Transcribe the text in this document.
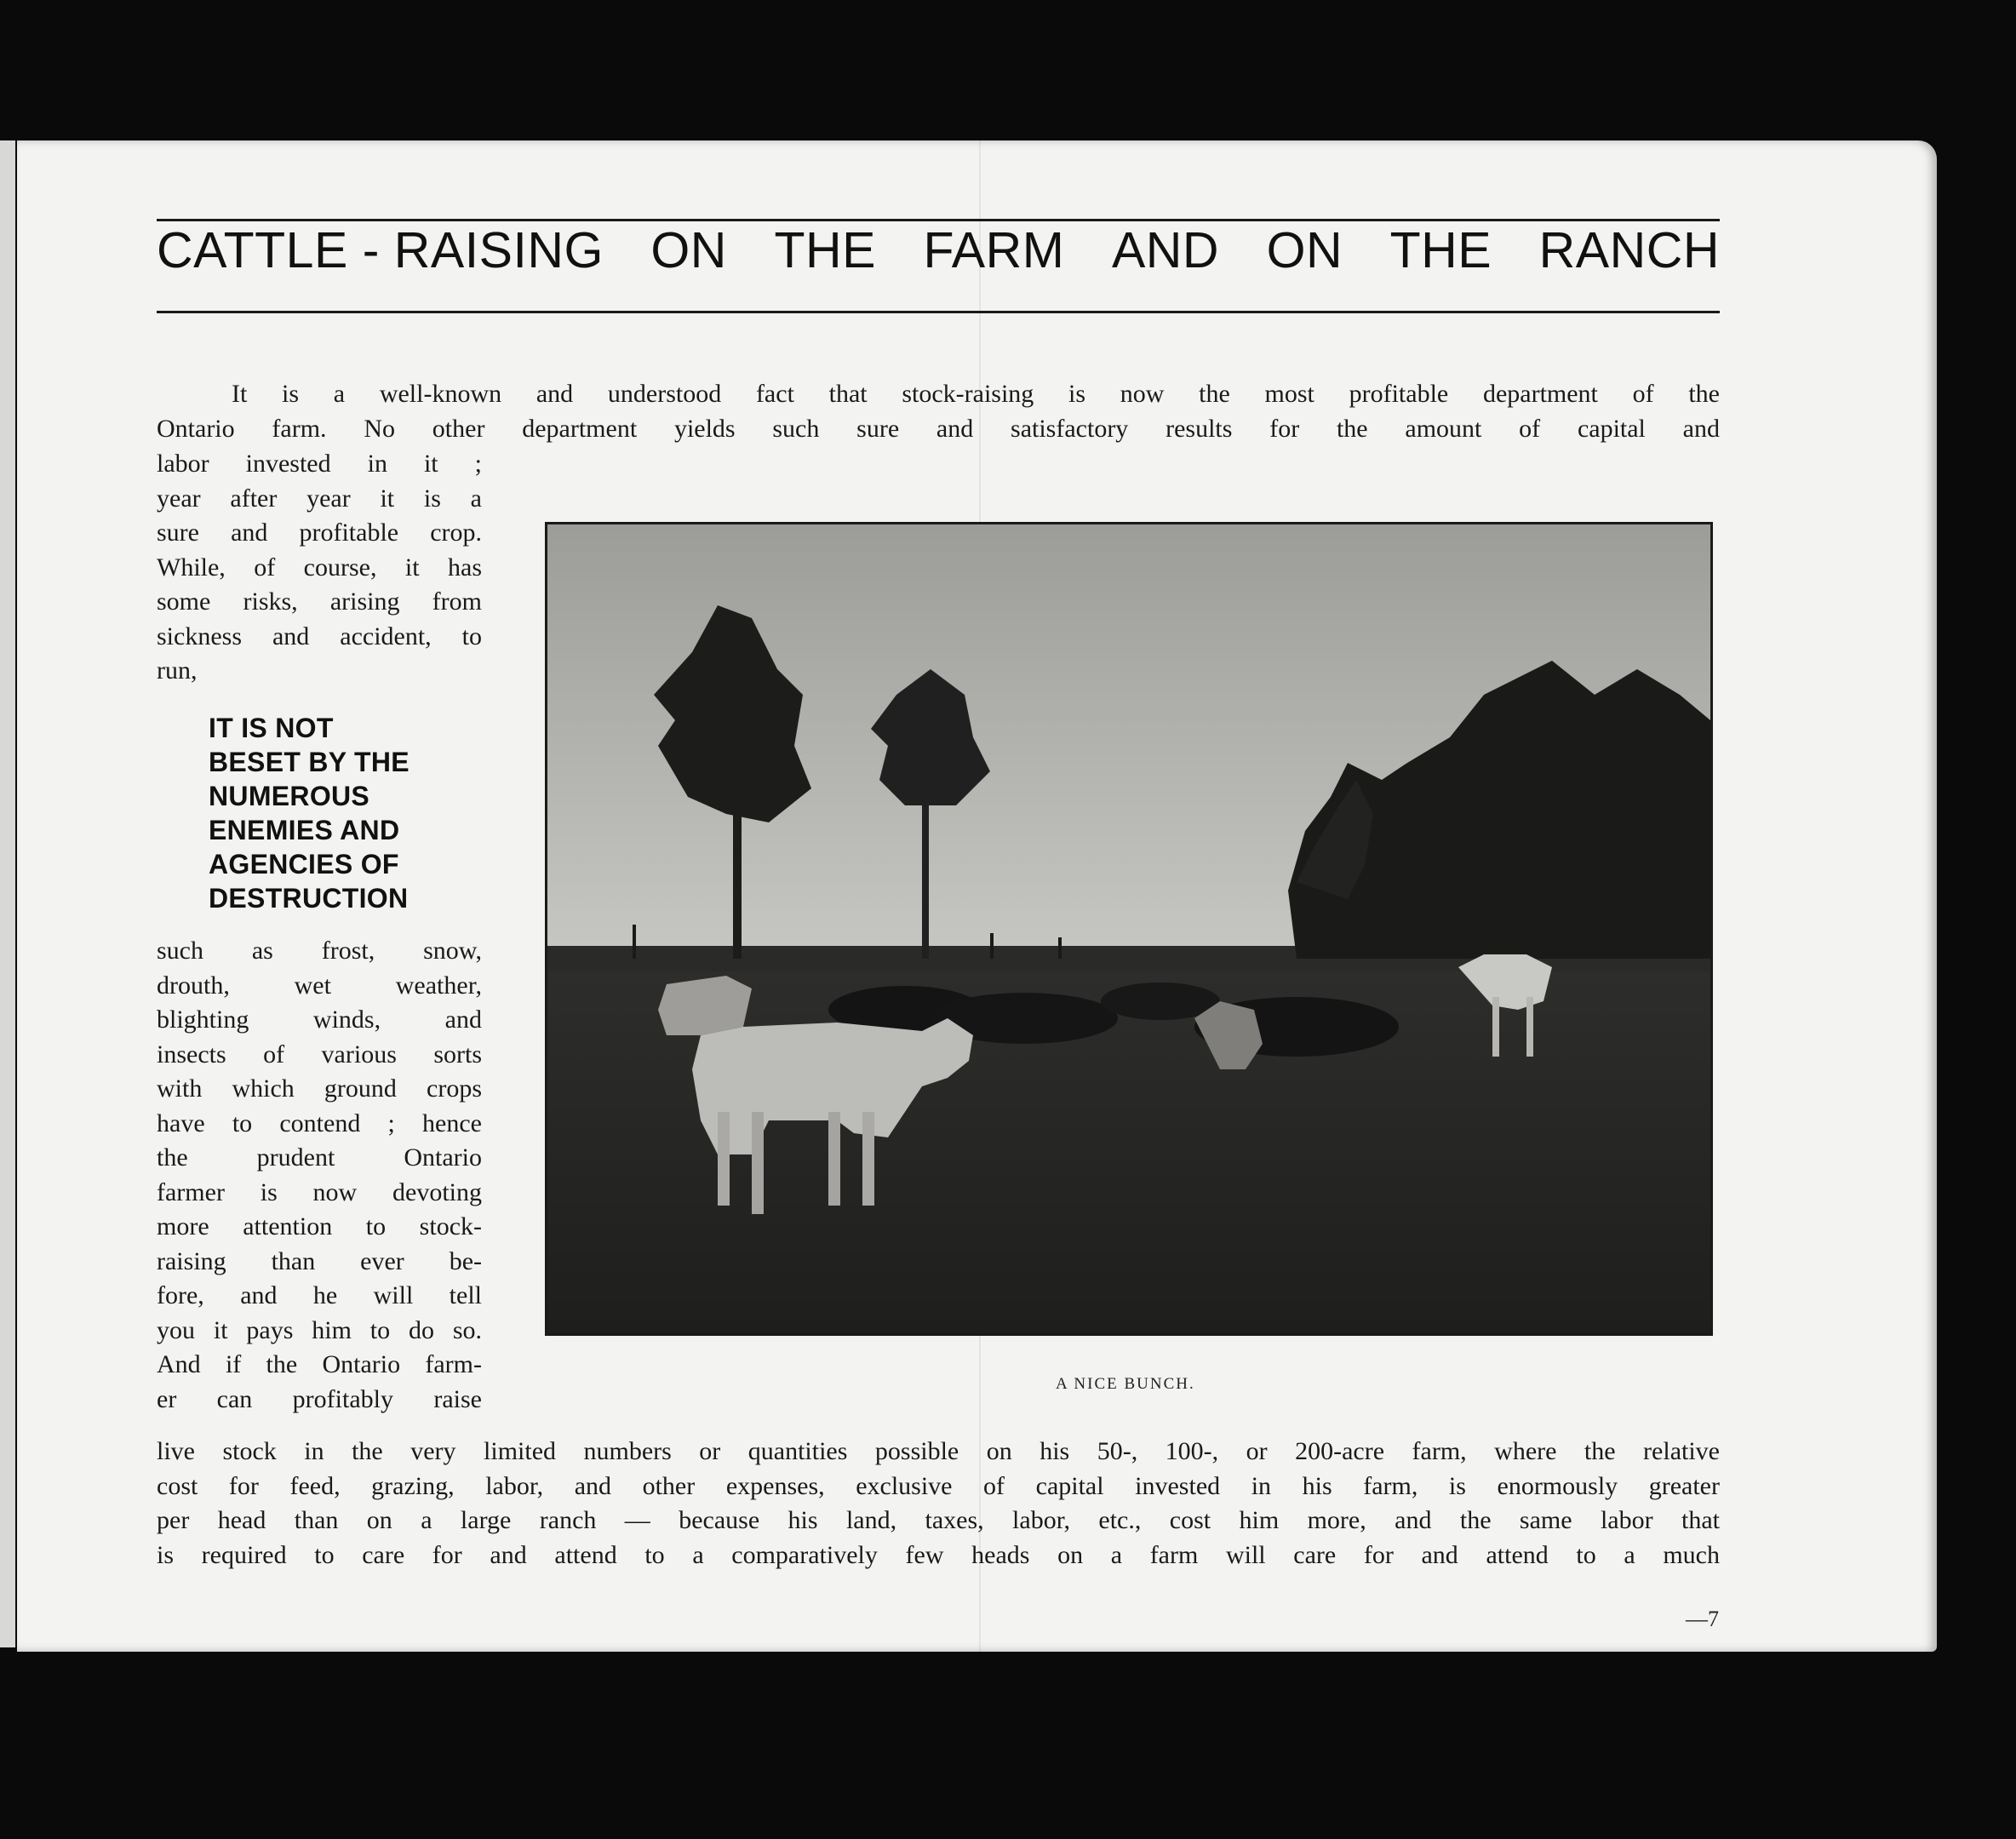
CATTLE - RAISING ON THE FARM AND ON THE RANCH
It is a well-known and understood fact that stock-raising is now the most profitable department of the
Ontario farm. No other department yields such sure and satisfactory results for the amount of capital and
labor invested in it ;
year after year it is a
sure and profitable crop.
While, of course, it has
some risks, arising from
sickness and accident, to
run,
IT IS NOT
BESET BY THE
NUMEROUS
ENEMIES AND
AGENCIES OF
DESTRUCTION
such as frost, snow,
drouth, wet weather,
blighting winds, and
insects of various sorts
with which ground crops
have to contend ; hence
the prudent Ontario
farmer is now devoting
more attention to stock-
raising than ever be-
fore, and he will tell
you it pays him to do so.
And if the Ontario farm-
er can profitably raise
A NICE BUNCH.
live stock in the very limited numbers or quantities possible on his 50-, 100-, or 200-acre farm, where the relative
cost for feed, grazing, labor, and other expenses, exclusive of capital invested in his farm, is enormously greater
per head than on a large ranch — because his land, taxes, labor, etc., cost him more, and the same labor that
is required to care for and attend to a comparatively few heads on a farm will care for and attend to a much
—7
